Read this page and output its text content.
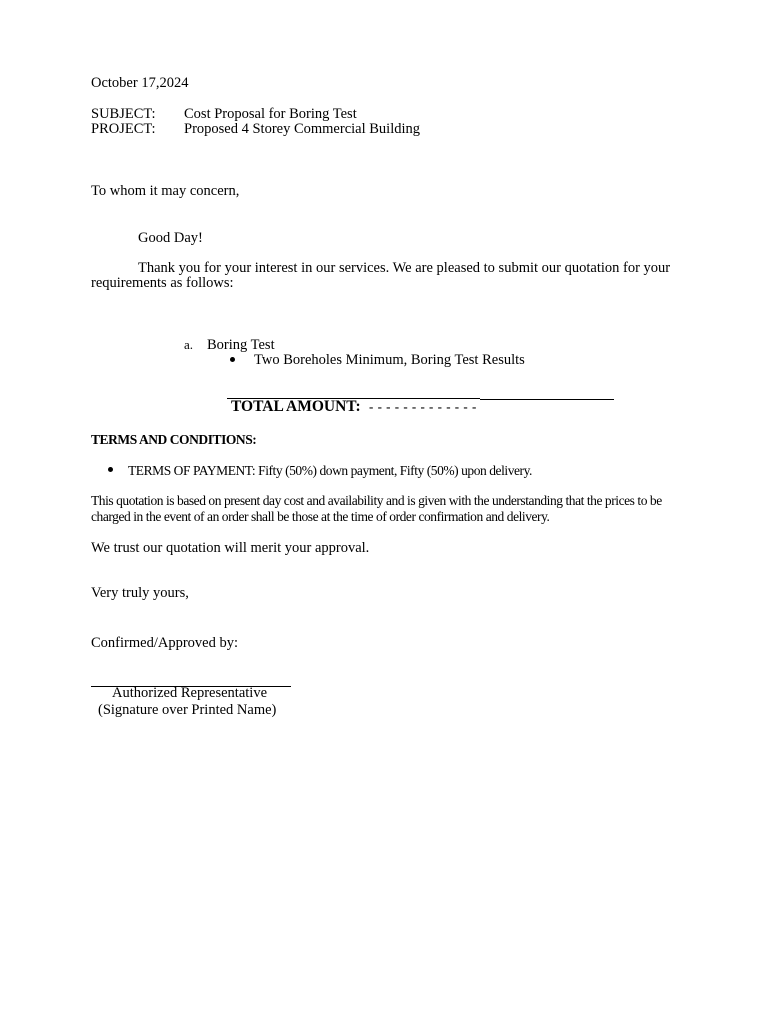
October 17,2024
SUBJECT: Cost Proposal for Boring Test
PROJECT: Proposed 4 Storey Commercial Building
To whom it may concern,
Good Day!
Thank you for your interest in our services. We are pleased to submit our quotation for your
requirements as follows:
a. Boring Test
Two Boreholes Minimum, Boring Test Results
TOTAL AMOUNT: - - - - - - - - - - - - -
TERMS AND CONDITIONS:
TERMS OF PAYMENT: Fifty (50%) down payment, Fifty (50%) upon delivery.
This quotation is based on present day cost and availability and is given with the understanding that the prices to be
charged in the event of an order shall be those at the time of order confirmation and delivery.
We trust our quotation will merit your approval.
Very truly yours,
Confirmed/Approved by:
Authorized Representative
(Signature over Printed Name)
